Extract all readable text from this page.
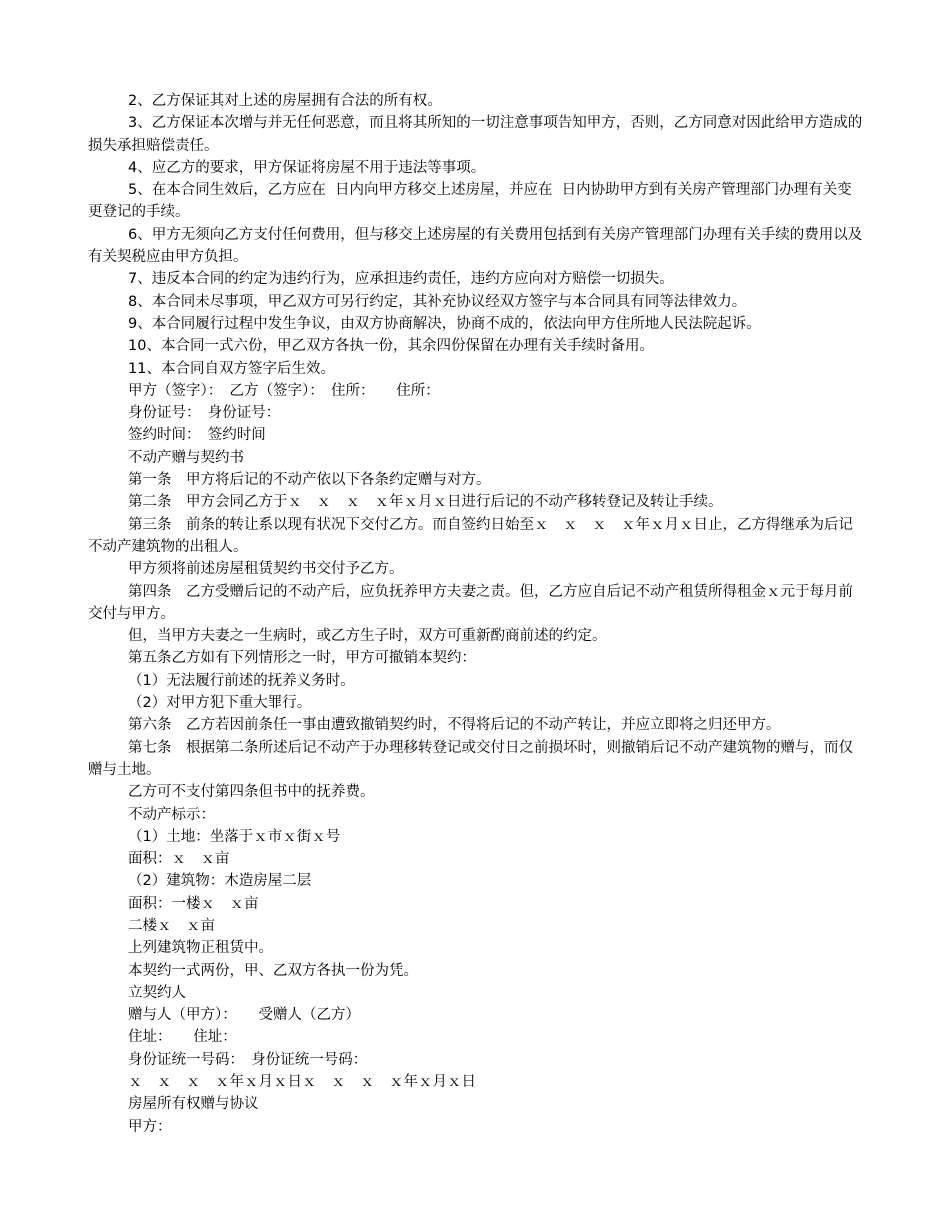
2、乙方保证其对上述的房屋拥有合法的所有权。

3、乙方保证本次增与并无任何恶意，而且将其所知的一切注意事项告知甲方，否则，乙方同意对因此给甲方造成的损失承担赔偿责任。

4、应乙方的要求，甲方保证将房屋不用于违法等事项。

5、在本合同生效后，乙方应在  日内向甲方移交上述房屋，并应在  日内协助甲方到有关房产管理部门办理有关变更登记的手续。

6、甲方无须向乙方支付任何费用，但与移交上述房屋的有关费用包括到有关房产管理部门办理有关手续的费用以及有关契税应由甲方负担。

7、违反本合同的约定为违约行为，应承担违约责任，违约方应向对方赔偿一切损失。

8、本合同未尽事项，甲乙双方可另行约定，其补充协议经双方签字与本合同具有同等法律效力。

9、本合同履行过程中发生争议，由双方协商解决，协商不成的，依法向甲方住所地人民法院起诉。

10、本合同一式六份，甲乙双方各执一份，其余四份保留在办理有关手续时备用。

11、本合同自双方签字后生效。

甲方（签字）：　乙方（签字）：　住所：　　住所：

身份证号：　身份证号：

签约时间：　签约时间

不动产赠与契约书

第一条　甲方将后记的不动产依以下各条约定赠与对方。

第二条　甲方会同乙方于ｘ　ｘ　ｘ　ｘ年ｘ月ｘ日进行后记的不动产移转登记及转让手续。

第三条　前条的转让系以现有状况下交付乙方。而自签约日始至ｘ　ｘ　ｘ　ｘ年ｘ月ｘ日止，乙方得继承为后记不动产建筑物的出租人。

甲方须将前述房屋租赁契约书交付予乙方。

第四条　乙方受赠后记的不动产后，应负抚养甲方夫妻之责。但，乙方应自后记不动产租赁所得租金ｘ元于每月前交付与甲方。

但，当甲方夫妻之一生病时，或乙方生子时，双方可重新酌商前述的约定。

第五条乙方如有下列情形之一时，甲方可撤销本契约：

（1）无法履行前述的抚养义务时。

（2）对甲方犯下重大罪行。

第六条　乙方若因前条任一事由遭致撤销契约时，不得将后记的不动产转让，并应立即将之归还甲方。

第七条　根据第二条所述后记不动产于办理移转登记或交付日之前损坏时，则撤销后记不动产建筑物的赠与，而仅赠与土地。

乙方可不支付第四条但书中的抚养费。

不动产标示：

（1）土地：坐落于ｘ市ｘ街ｘ号

面积：ｘ　ｘ亩

（2）建筑物：木造房屋二层

面积：一楼ｘ　ｘ亩

二楼ｘ　ｘ亩

上列建筑物正租赁中。

本契约一式两份，甲、乙双方各执一份为凭。

立契约人

赠与人（甲方）：　　受赠人（乙方）

住址：　　住址：

身份证统一号码：　身份证统一号码：

ｘ　ｘ　ｘ　ｘ年ｘ月ｘ日ｘ　ｘ　ｘ　ｘ年ｘ月ｘ日

房屋所有权赠与协议

甲方：
